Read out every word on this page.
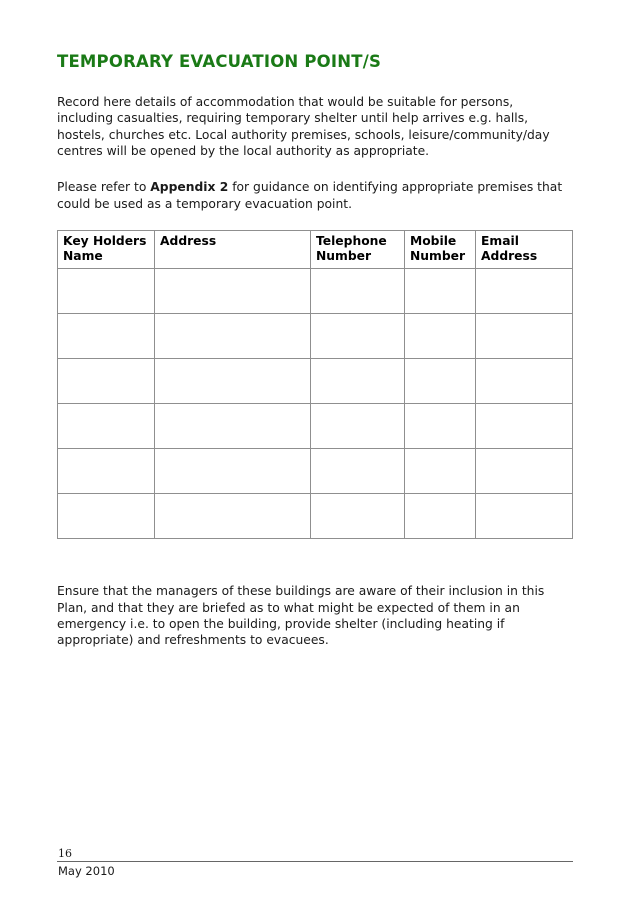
TEMPORARY EVACUATION POINT/S

Record here details of accommodation that would be suitable for persons, including casualties, requiring temporary shelter until help arrives e.g. halls, hostels, churches etc. Local authority premises, schools, leisure/community/day centres will be opened by the local authority as appropriate.

Please refer to Appendix 2 for guidance on identifying appropriate premises that could be used as a temporary evacuation point.

Key Holders Name	Address	Telephone Number	Mobile Number	Email Address

Ensure that the managers of these buildings are aware of their inclusion in this Plan, and that they are briefed as to what might be expected of them in an emergency i.e. to open the building, provide shelter (including heating if appropriate) and refreshments to evacuees.

16
May 2010
